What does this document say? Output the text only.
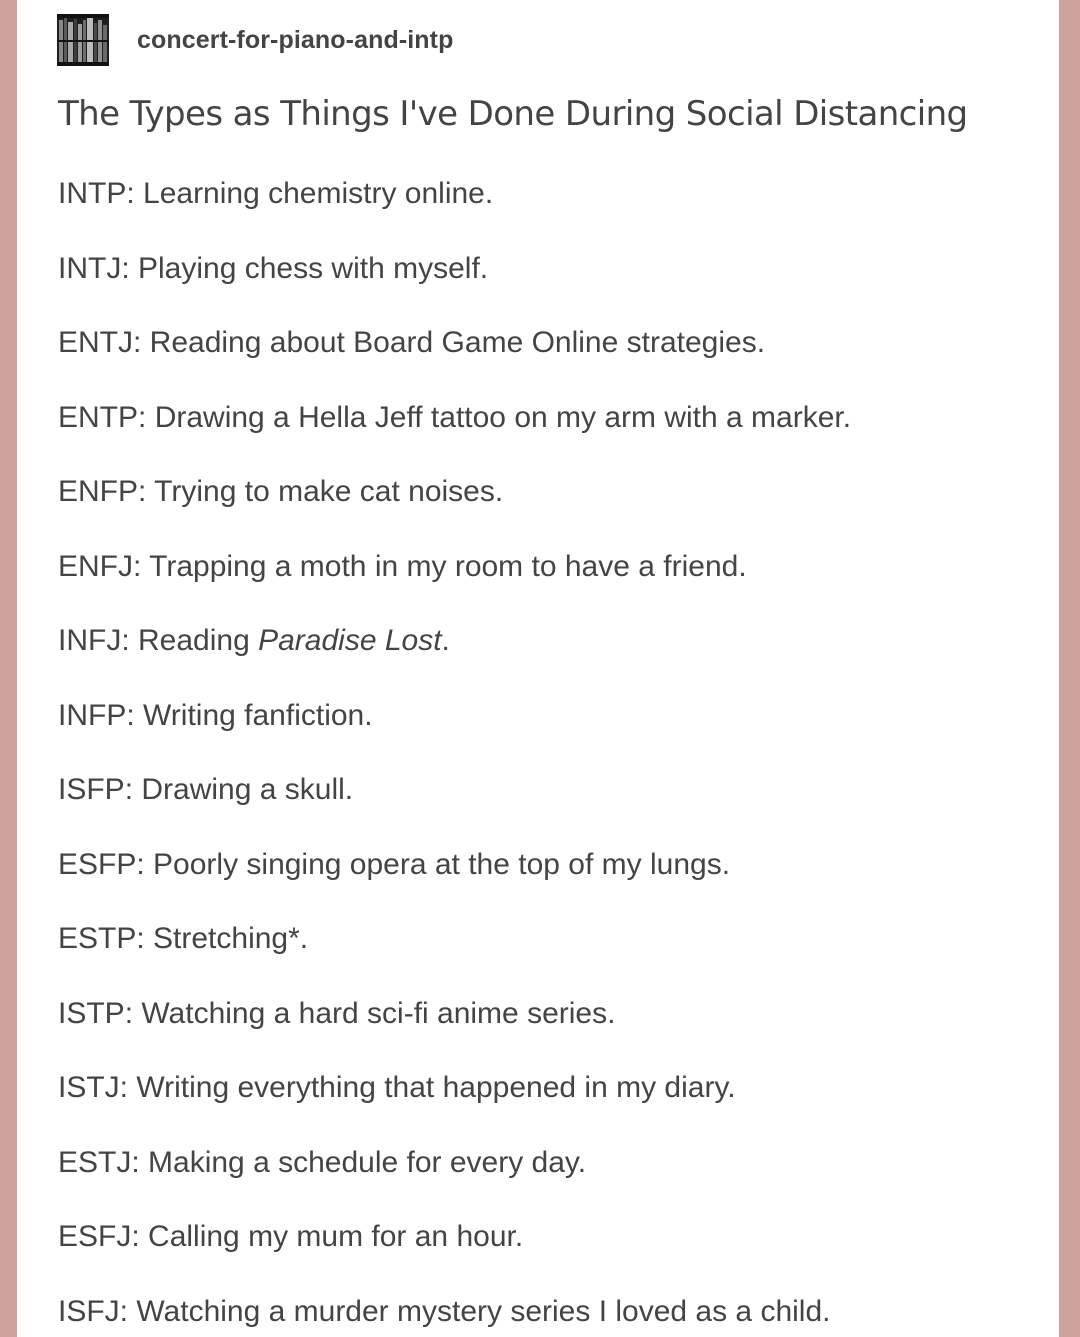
concert-for-piano-and-intp
The Types as Things I've Done During Social Distancing
INTP: Learning chemistry online.
INTJ: Playing chess with myself.
ENTJ: Reading about Board Game Online strategies.
ENTP: Drawing a Hella Jeff tattoo on my arm with a marker.
ENFP: Trying to make cat noises.
ENFJ: Trapping a moth in my room to have a friend.
INFJ: Reading Paradise Lost.
INFP: Writing fanfiction.
ISFP: Drawing a skull.
ESFP: Poorly singing opera at the top of my lungs.
ESTP: Stretching*.
ISTP: Watching a hard sci-fi anime series.
ISTJ: Writing everything that happened in my diary.
ESTJ: Making a schedule for every day.
ESFJ: Calling my mum for an hour.
ISFJ: Watching a murder mystery series I loved as a child.
